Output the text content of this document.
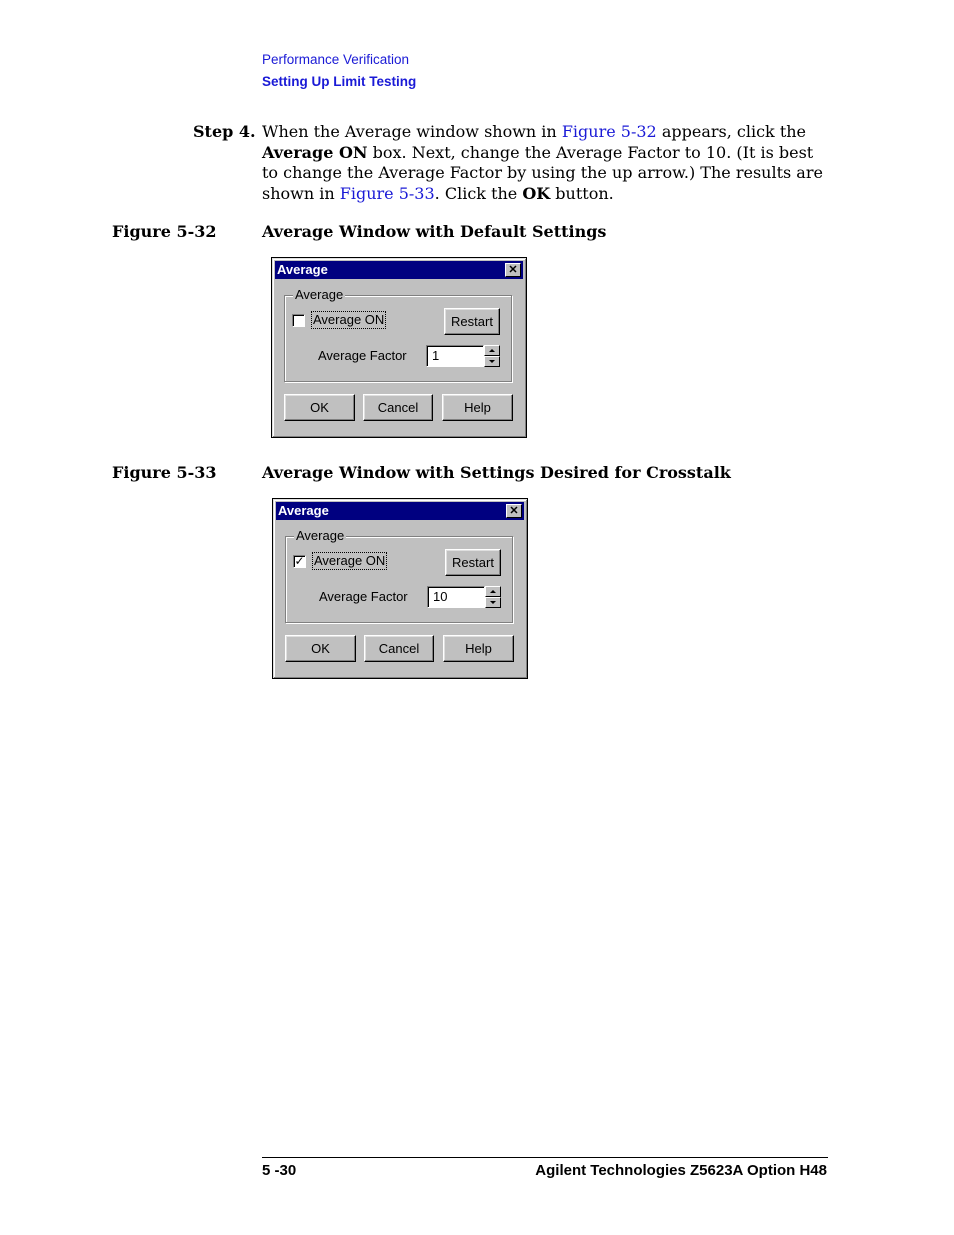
Performance Verification
Setting Up Limit Testing
Step 4. When the Average window shown in Figure 5-32 appears, click the Average ON box. Next, change the Average Factor to 10. (It is best to change the Average Factor by using the up arrow.) The results are shown in Figure 5-33. Click the OK button.
Figure 5-32	Average Window with Default Settings
Average	✕
Average
Average ON	Restart
Average Factor	1
OK	Cancel	Help
Figure 5-33	Average Window with Settings Desired for Crosstalk
Average	✕
Average
✓ Average ON	Restart
Average Factor	10
OK	Cancel	Help
5 -30	Agilent Technologies Z5623A Option H48
